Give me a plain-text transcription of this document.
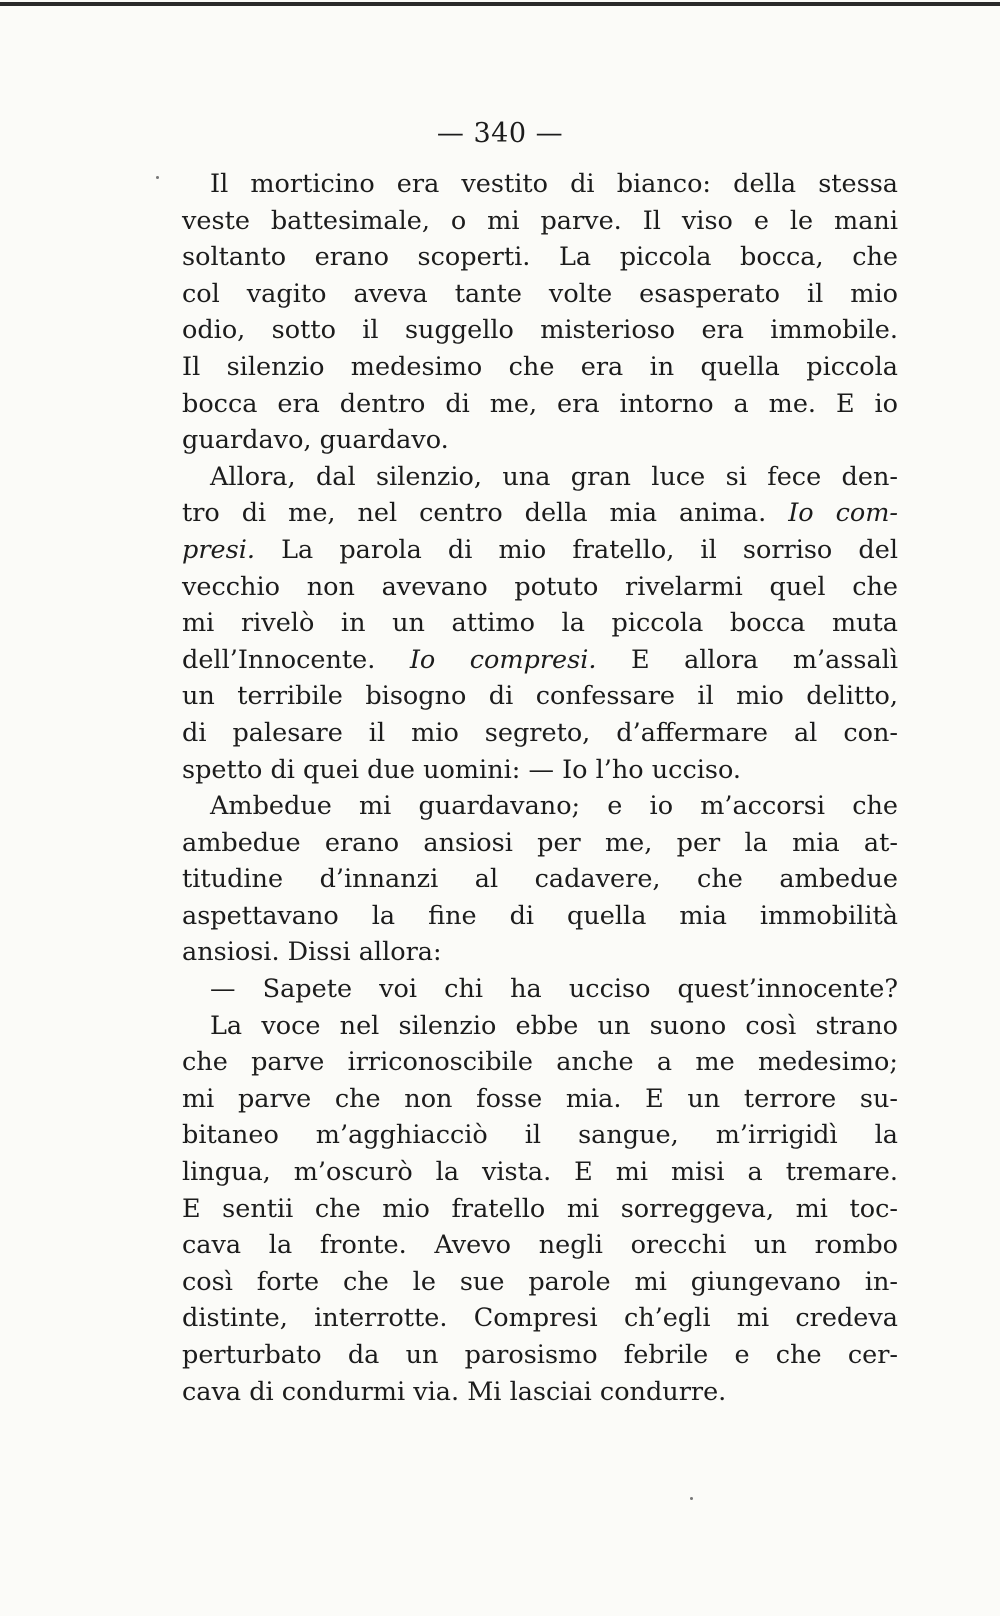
— 340 —
Il morticino era vestito di bianco: della stessa
veste battesimale, o mi parve. Il viso e le mani
soltanto erano scoperti. La piccola bocca, che
col vagito aveva tante volte esasperato il mio
odio, sotto il suggello misterioso era immobile.
Il silenzio medesimo che era in quella piccola
bocca era dentro di me, era intorno a me. E io
guardavo, guardavo.
Allora, dal silenzio, una gran luce si fece den-
tro di me, nel centro della mia anima. Io com-
presi. La parola di mio fratello, il sorriso del
vecchio non avevano potuto rivelarmi quel che
mi rivelò in un attimo la piccola bocca muta
dell’Innocente. Io compresi. E allora m’assalì
un terribile bisogno di confessare il mio delitto,
di palesare il mio segreto, d’affermare al con-
spetto di quei due uomini: — Io l’ho ucciso.
Ambedue mi guardavano; e io m’accorsi che
ambedue erano ansiosi per me, per la mia at-
titudine d’innanzi al cadavere, che ambedue
aspettavano la fine di quella mia immobilità
ansiosi. Dissi allora:
— Sapete voi chi ha ucciso quest’innocente?
La voce nel silenzio ebbe un suono così strano
che parve irriconoscibile anche a me medesimo;
mi parve che non fosse mia. E un terrore su-
bitaneo m’agghiacciò il sangue, m’irrigidì la
lingua, m’oscurò la vista. E mi misi a tremare.
E sentii che mio fratello mi sorreggeva, mi toc-
cava la fronte. Avevo negli orecchi un rombo
così forte che le sue parole mi giungevano in-
distinte, interrotte. Compresi ch’egli mi credeva
perturbato da un parosismo febrile e che cer-
cava di condurmi via. Mi lasciai condurre.
